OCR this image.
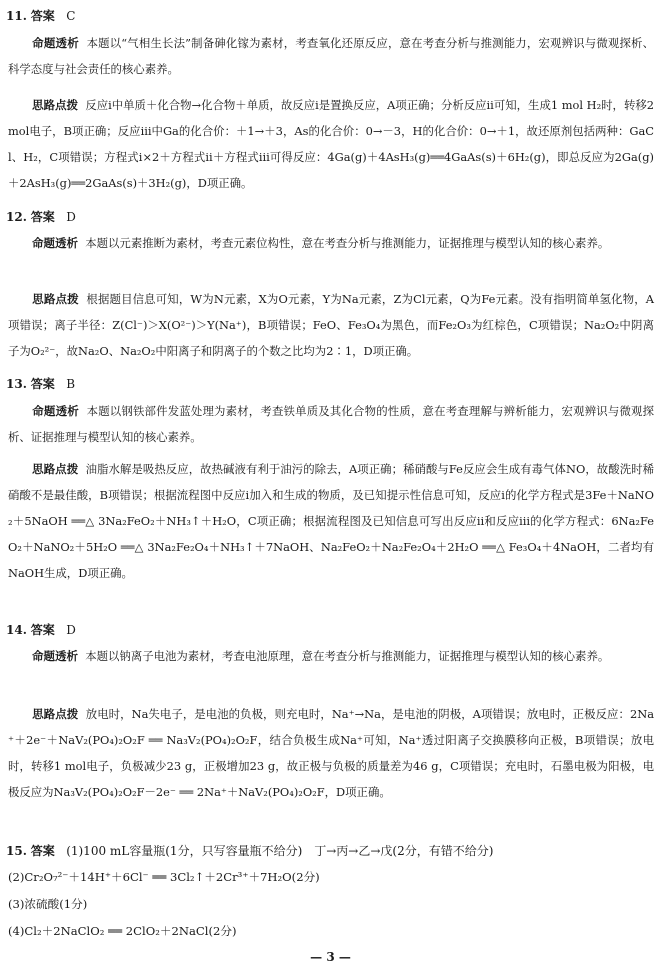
11. 答案 C
命题透析 本题以“气相生长法”制备砷化镓为素材，考查氧化还原反应，意在考查分析与推测能力，宏观辨识与微观探析、科学态度与社会责任的核心素养。
思路点拨 反应ⅰ中单质＋化合物→化合物＋单质，故反应ⅰ是置换反应，A项正确；分析反应ⅱ可知，生成1 mol H₂时，转移2 mol电子，B项正确；反应ⅲ中Ga的化合价：＋1→＋3，As的化合价：0→－3，H的化合价：0→＋1，故还原剂包括两种：GaCl、H₂，C项错误；方程式ⅰ×2＋方程式ⅱ＋方程式ⅲ可得反应：4Ga(g)＋4AsH₃(g)══4GaAs(s)＋6H₂(g)，即总反应为2Ga(g)＋2AsH₃(g)══2GaAs(s)＋3H₂(g)，D项正确。
12. 答案 D
命题透析 本题以元素推断为素材，考查元素位构性，意在考查分析与推测能力，证据推理与模型认知的核心素养。
思路点拨 根据题目信息可知，W为N元素，X为O元素，Y为Na元素，Z为Cl元素，Q为Fe元素。没有指明简单氢化物，A项错误；离子半径：Z(Cl⁻)＞X(O²⁻)＞Y(Na⁺)，B项错误；FeO、Fe₃O₄为黑色，而Fe₂O₃为红棕色，C项错误；Na₂O₂中阴离子为O₂²⁻，故Na₂O、Na₂O₂中阳离子和阴离子的个数之比均为2∶1，D项正确。
13. 答案 B
命题透析 本题以钢铁部件发蓝处理为素材，考查铁单质及其化合物的性质，意在考查理解与辨析能力，宏观辨识与微观探析、证据推理与模型认知的核心素养。
思路点拨 油脂水解是吸热反应，故热碱液有利于油污的除去，A项正确；稀硝酸与Fe反应会生成有毒气体NO，故酸洗时稀硝酸不是最佳酸，B项错误；根据流程图中反应ⅰ加入和生成的物质，及已知提示性信息可知，反应ⅰ的化学方程式是3Fe＋NaNO₂＋5NaOH ══△ 3Na₂FeO₂＋NH₃↑＋H₂O，C项正确；根据流程图及已知信息可写出反应ⅱ和反应ⅲ的化学方程式：6Na₂FeO₂＋NaNO₂＋5H₂O ══△ 3Na₂Fe₂O₄＋NH₃↑＋7NaOH、Na₂FeO₂＋Na₂Fe₂O₄＋2H₂O ══△ Fe₃O₄＋4NaOH，二者均有NaOH生成，D项正确。
14. 答案 D
命题透析 本题以钠离子电池为素材，考查电池原理，意在考查分析与推测能力，证据推理与模型认知的核心素养。
思路点拨 放电时，Na失电子，是电池的负极，则充电时，Na⁺→Na，是电池的阴极，A项错误；放电时，正极反应：2Na⁺＋2e⁻＋NaV₂(PO₄)₂O₂F ══ Na₃V₂(PO₄)₂O₂F，结合负极生成Na⁺可知，Na⁺透过阳离子交换膜移向正极，B项错误；放电时，转移1 mol电子，负极减少23 g，正极增加23 g，故正极与负极的质量差为46 g，C项错误；充电时，石墨电极为阳极，电极反应为Na₃V₂(PO₄)₂O₂F－2e⁻ ══ 2Na⁺＋NaV₂(PO₄)₂O₂F，D项正确。
15. 答案 (1)100 mL容量瓶(1分，只写容量瓶不给分)　丁→丙→乙→戊(2分，有错不给分)
(2)Cr₂O₇²⁻＋14H⁺＋6Cl⁻ ══ 3Cl₂↑＋2Cr³⁺＋7H₂O(2分)
(3)浓硫酸(1分)
(4)Cl₂＋2NaClO₂ ══ 2ClO₂＋2NaCl(2分)
— 3 —
